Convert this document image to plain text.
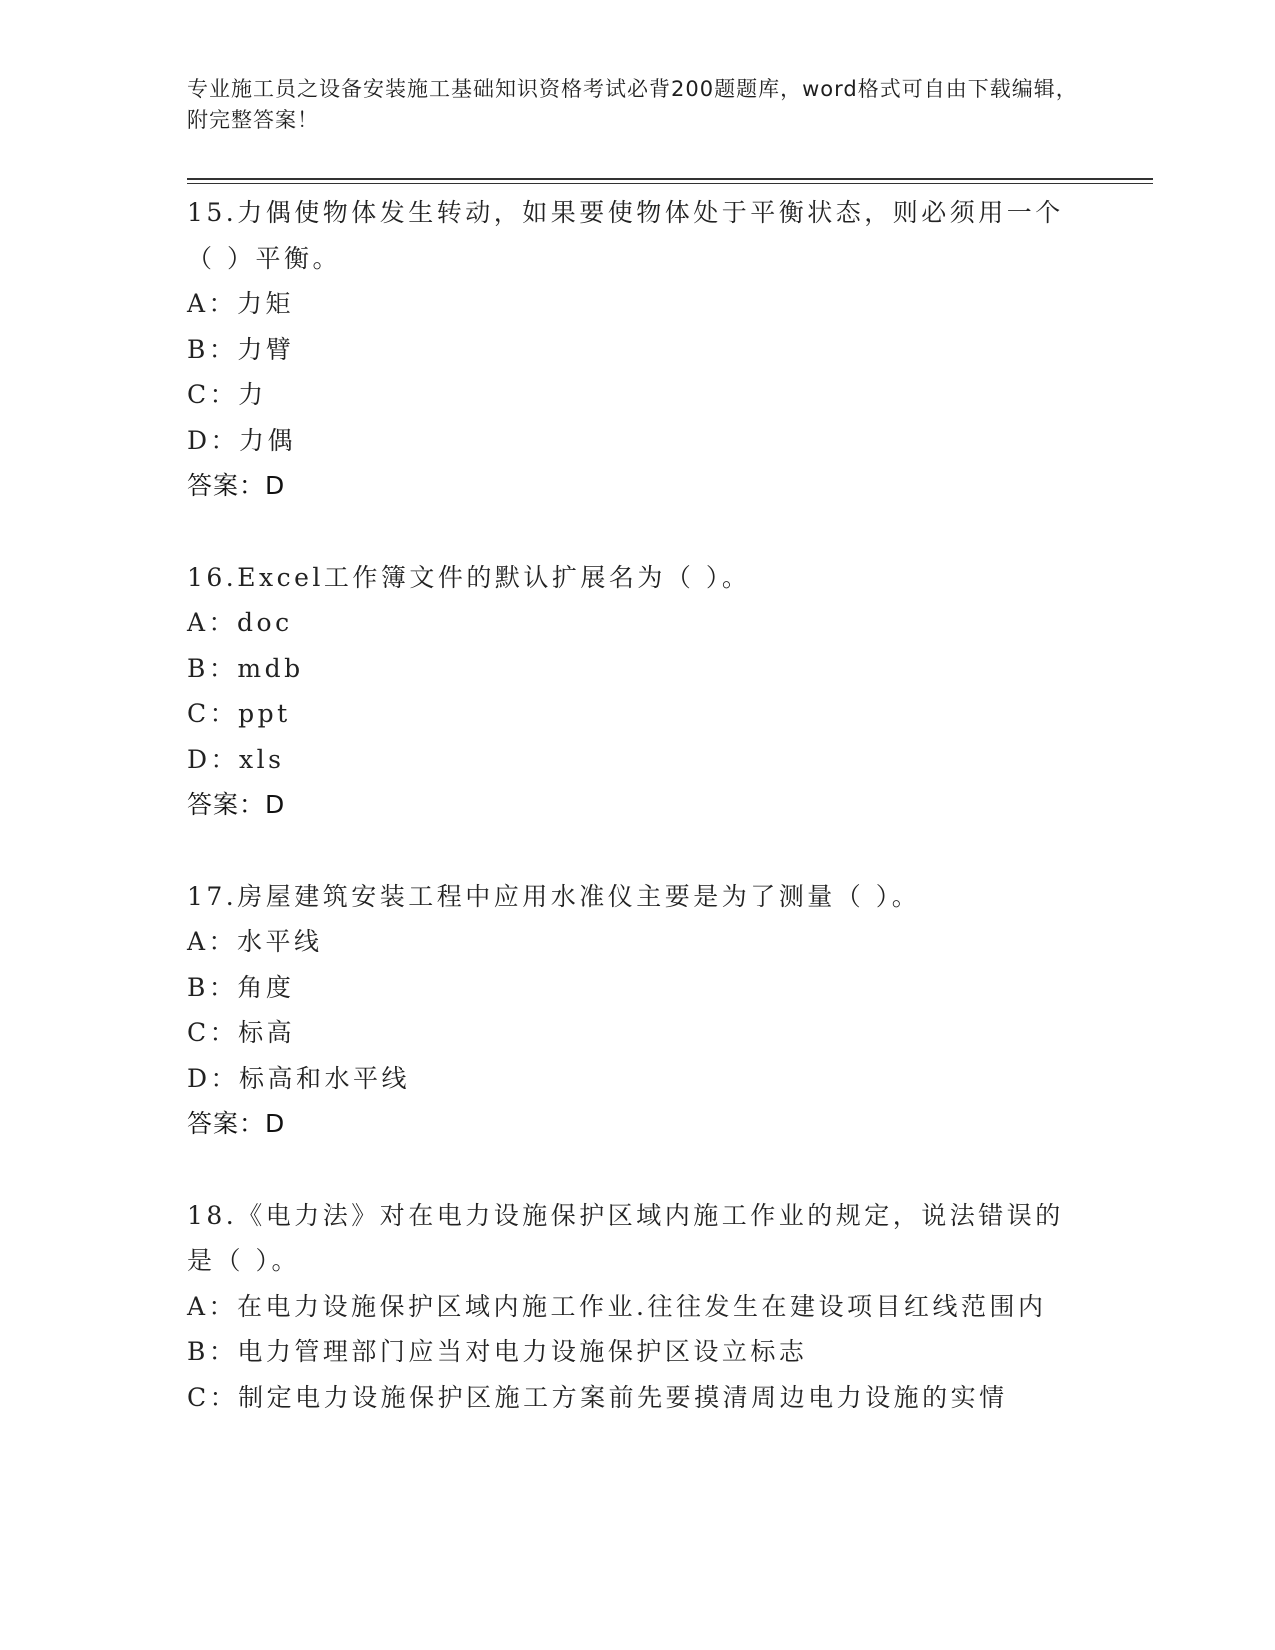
专业施工员之设备安装施工基础知识资格考试必背200题题库，word格式可自由下载编辑，附完整答案！
15.力偶使物体发生转动，如果要使物体处于平衡状态，则必须用一个（ ）平衡。
A：力矩
B：力臂
C：力
D：力偶
答案：D
16.Excel工作簿文件的默认扩展名为（ ）。
A：doc
B：mdb
C：ppt
D：xls
答案：D
17.房屋建筑安装工程中应用水准仪主要是为了测量（ ）。
A：水平线
B：角度
C：标高
D：标高和水平线
答案：D
18.《电力法》对在电力设施保护区域内施工作业的规定，说法错误的是（ ）。
A：在电力设施保护区域内施工作业.往往发生在建设项目红线范围内
B：电力管理部门应当对电力设施保护区设立标志
C：制定电力设施保护区施工方案前先要摸清周边电力设施的实情
